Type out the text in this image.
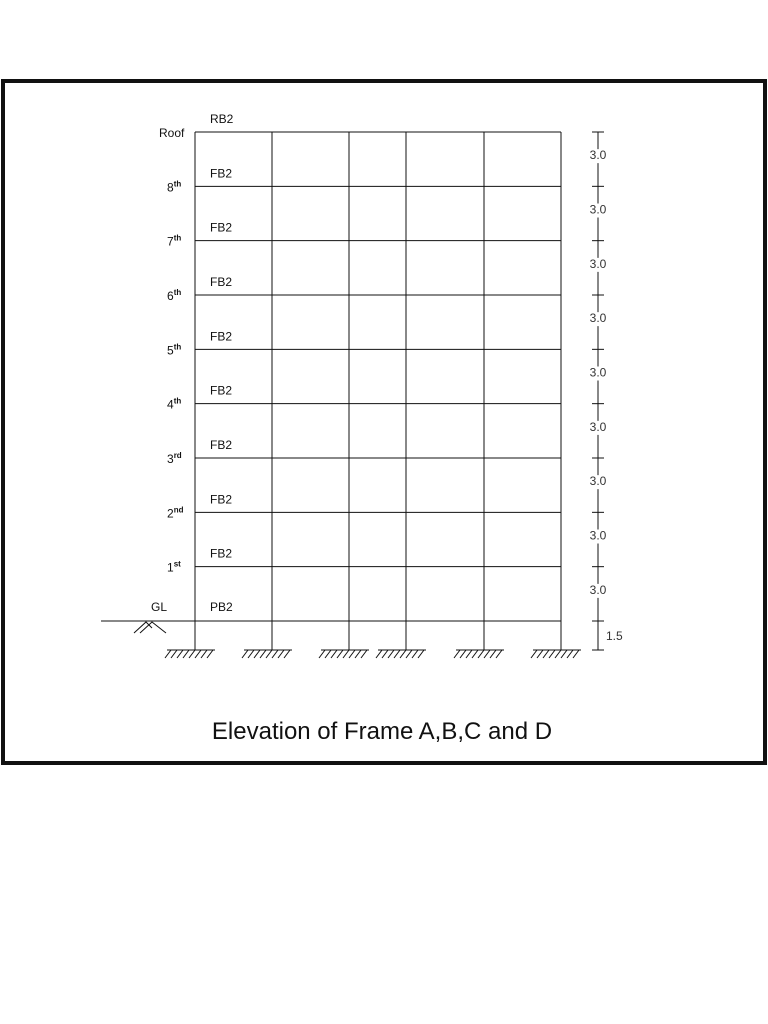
GL	PB2
1st
FB2
2nd
FB2
3rd
FB2
4th
FB2
5th
FB2
6th
FB2
7th
FB2
8th
FB2
Roof
RB2
3.0
3.0
3.0
3.0
3.0
3.0
3.0
3.0
3.0
1.5
Elevation of Frame A,B,C and D
